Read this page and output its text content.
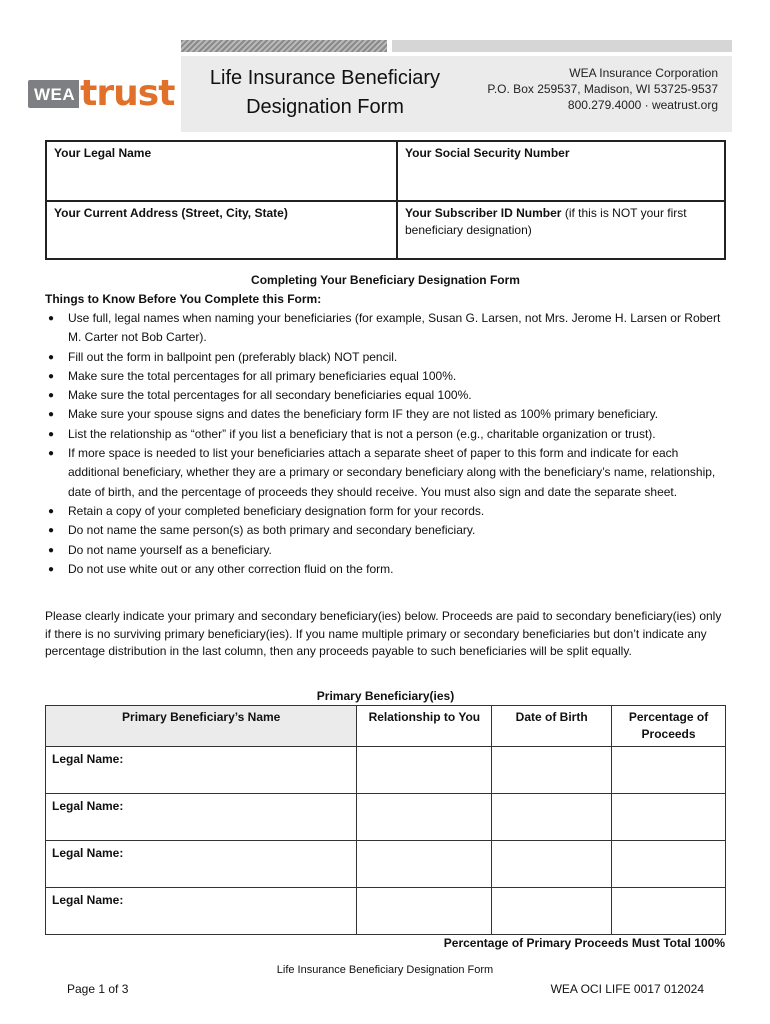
WEA trust Life Insurance Beneficiary
Designation Form
WEA Insurance Corporation
P.O. Box 259537, Madison, WI 53725-9537
800.279.4000 · weatrust.org
Your Legal Name	Your Social Security Number
Your Current Address (Street, City, State)	Your Subscriber ID Number (if this is NOT your first beneficiary designation)
Completing Your Beneficiary Designation Form
Things to Know Before You Complete this Form:
● Use full, legal names when naming your beneficiaries (for example, Susan G. Larsen, not Mrs. Jerome H. Larsen or Robert M. Carter not Bob Carter).
● Fill out the form in ballpoint pen (preferably black) NOT pencil.
● Make sure the total percentages for all primary beneficiaries equal 100%.
● Make sure the total percentages for all secondary beneficiaries equal 100%.
● Make sure your spouse signs and dates the beneficiary form IF they are not listed as 100% primary beneficiary.
● List the relationship as “other” if you list a beneficiary that is not a person (e.g., charitable organization or trust).
● If more space is needed to list your beneficiaries attach a separate sheet of paper to this form and indicate for each additional beneficiary, whether they are a primary or secondary beneficiary along with the beneficiary’s name, relationship, date of birth, and the percentage of proceeds they should receive. You must also sign and date the separate sheet.
● Retain a copy of your completed beneficiary designation form for your records.
● Do not name the same person(s) as both primary and secondary beneficiary.
● Do not name yourself as a beneficiary.
● Do not use white out or any other correction fluid on the form.
Please clearly indicate your primary and secondary beneficiary(ies) below. Proceeds are paid to secondary beneficiary(ies) only if there is no surviving primary beneficiary(ies). If you name multiple primary or secondary beneficiaries but don’t indicate any percentage distribution in the last column, then any proceeds payable to such beneficiaries will be split equally.
Primary Beneficiary(ies)
Primary Beneficiary’s Name	Relationship to You	Date of Birth	Percentage of Proceeds
Legal Name:			
Legal Name:			
Legal Name:			
Legal Name:			
Percentage of Primary Proceeds Must Total 100%
Life Insurance Beneficiary Designation Form
Page 1 of 3	WEA OCI LIFE 0017 012024
